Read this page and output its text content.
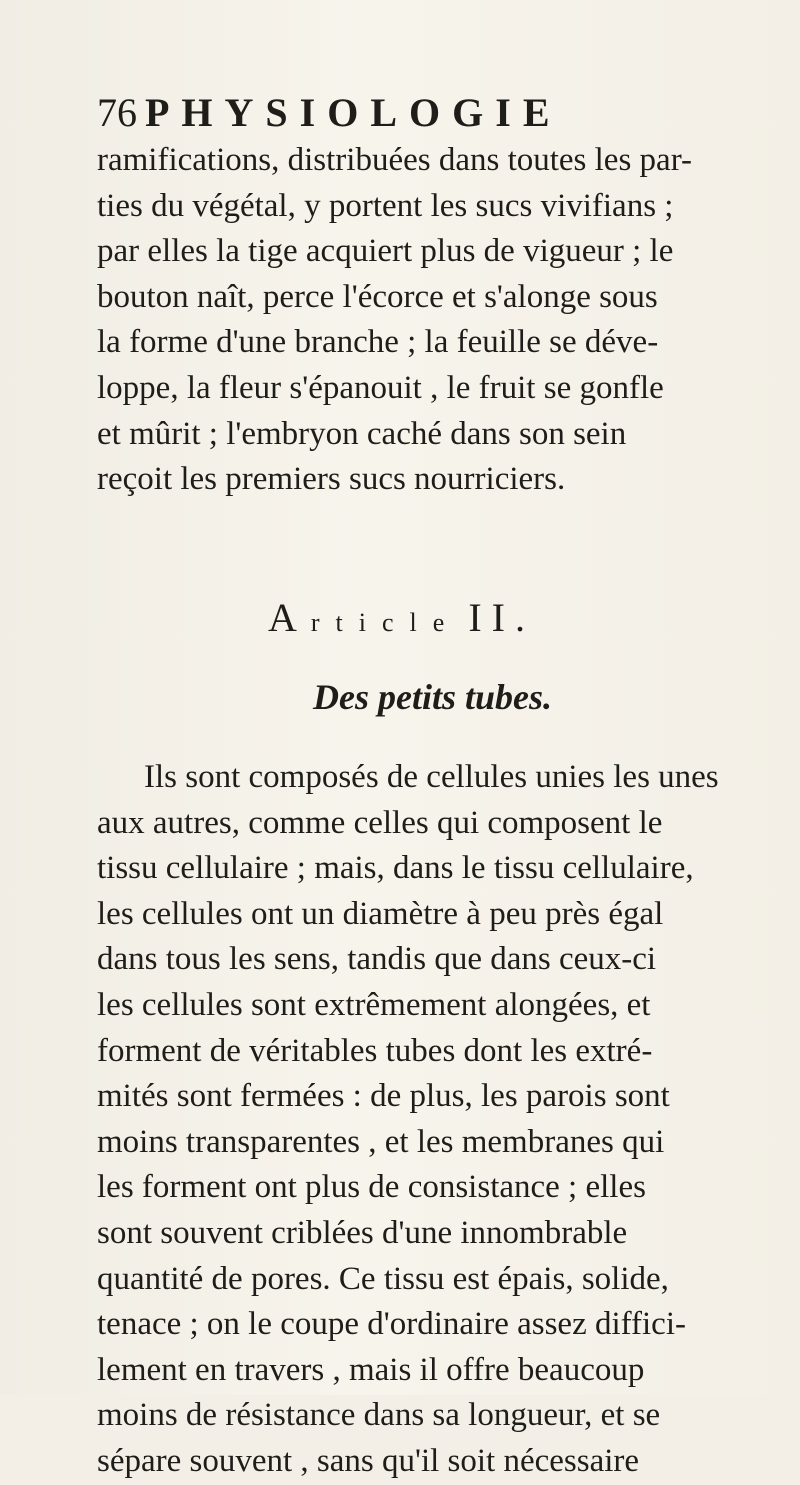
76 PHYSIOLOGIE
ramifications, distribuées dans toutes les par-
ties du végétal, y portent les sucs vivifians ;
par elles la tige acquiert plus de vigueur ; le
bouton naît, perce l'écorce et s'alonge sous
la forme d'une branche ; la feuille se déve-
loppe, la fleur s'épanouit , le fruit se gonfle
et mûrit ; l'embryon caché dans son sein
reçoit les premiers sucs nourriciers.
Article II.
Des petits tubes.
Ils sont composés de cellules unies les unes
aux autres, comme celles qui composent le
tissu cellulaire ; mais, dans le tissu cellulaire,
les cellules ont un diamètre à peu près égal
dans tous les sens, tandis que dans ceux-ci
les cellules sont extrêmement alongées, et
forment de véritables tubes dont les extré-
mités sont fermées : de plus, les parois sont
moins transparentes , et les membranes qui
les forment ont plus de consistance ; elles
sont souvent criblées d'une innombrable
quantité de pores. Ce tissu est épais, solide,
tenace ; on le coupe d'ordinaire assez diffici-
lement en travers , mais il offre beaucoup
moins de résistance dans sa longueur, et se
sépare souvent , sans qu'il soit nécessaire
